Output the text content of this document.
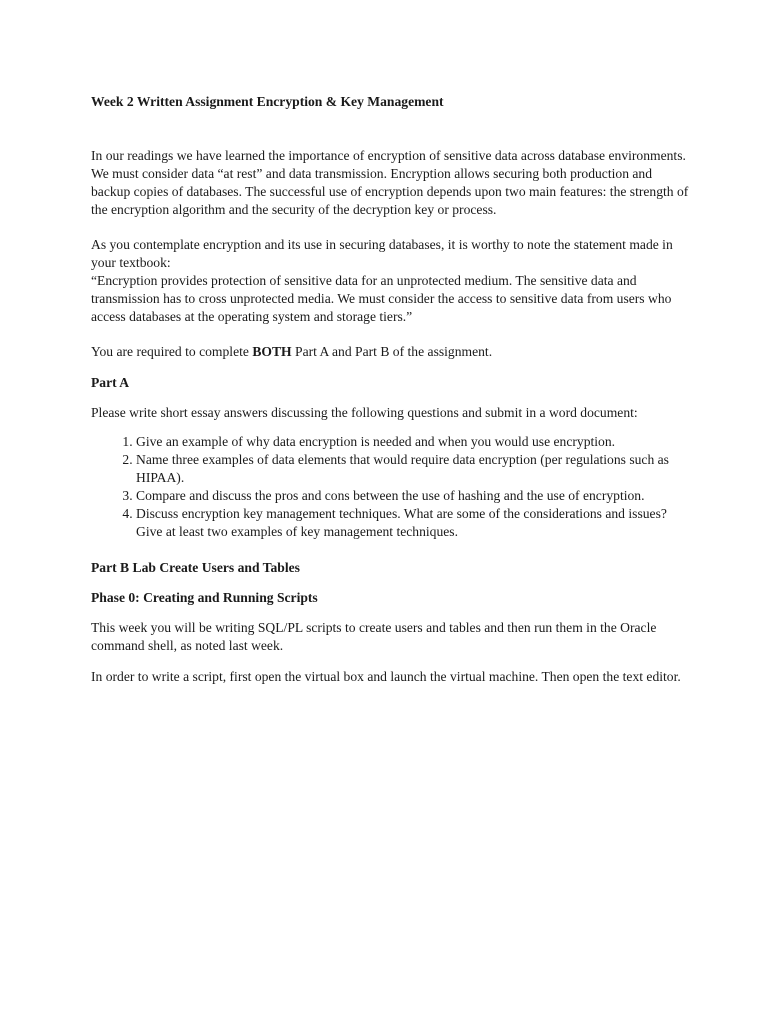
Week 2 Written Assignment Encryption & Key Management

In our readings we have learned the importance of encryption of sensitive data across database environments. We must consider data “at rest” and data transmission. Encryption allows securing both production and backup copies of databases. The successful use of encryption depends upon two main features: the strength of the encryption algorithm and the security of the decryption key or process.

As you contemplate encryption and its use in securing databases, it is worthy to note the statement made in your textbook:

“Encryption provides protection of sensitive data for an unprotected medium. The sensitive data and transmission has to cross unprotected media. We must consider the access to sensitive data from users who access databases at the operating system and storage tiers.”

You are required to complete BOTH Part A and Part B of the assignment.

Part A

Please write short essay answers discussing the following questions and submit in a word document:

1. Give an example of why data encryption is needed and when you would use encryption.
2. Name three examples of data elements that would require data encryption (per regulations such as HIPAA).
3. Compare and discuss the pros and cons between the use of hashing and the use of encryption.
4. Discuss encryption key management techniques. What are some of the considerations and issues? Give at least two examples of key management techniques.

Part B Lab Create Users and Tables

Phase 0: Creating and Running Scripts

This week you will be writing SQL/PL scripts to create users and tables and then run them in the Oracle command shell, as noted last week.

In order to write a script, first open the virtual box and launch the virtual machine. Then open the text editor.
